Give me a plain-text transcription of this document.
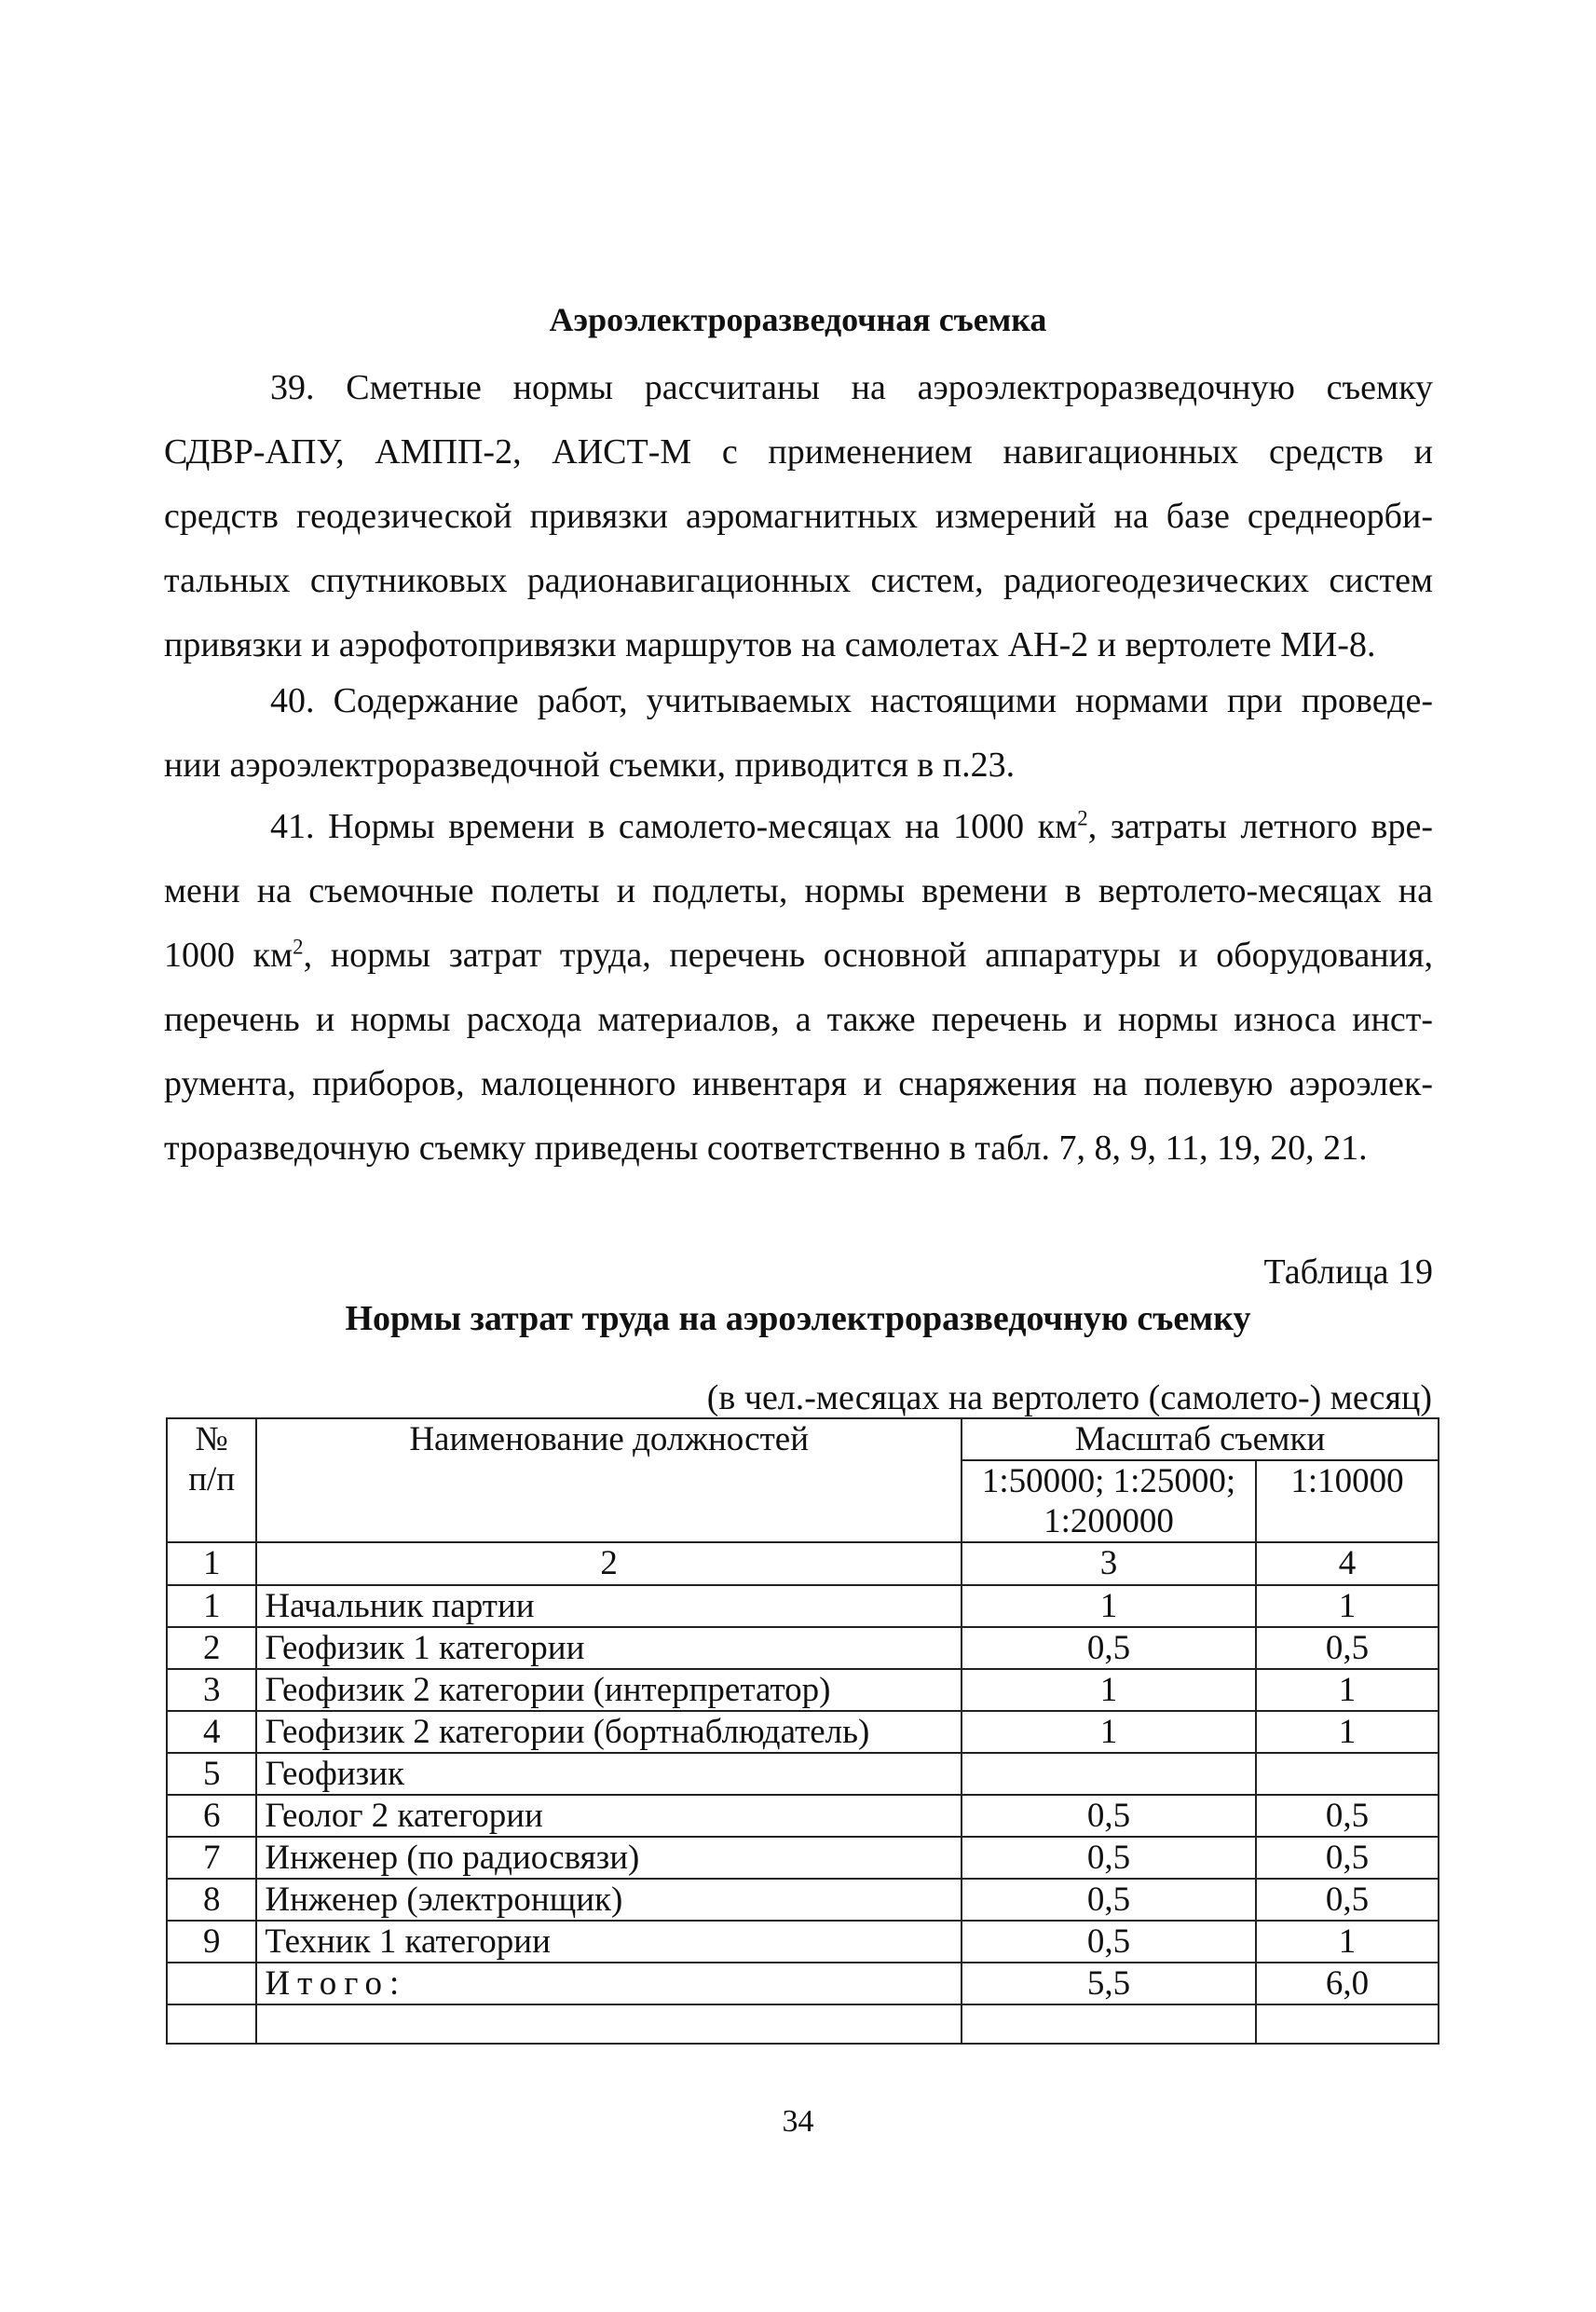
Аэроэлектроразведочная съемка
39. Сметные нормы рассчитаны на аэроэлектроразведочную съемку
СДВР-АПУ, АМПП-2, АИСТ-М с применением навигационных средств и
средств геодезической привязки аэромагнитных измерений на базе среднеорби-
тальных спутниковых радионавигационных систем, радиогеодезических систем
привязки и аэрофотопривязки маршрутов на самолетах АН-2 и вертолете МИ-8.
40. Содержание работ, учитываемых настоящими нормами при проведе-
нии аэроэлектроразведочной съемки, приводится в п.23.
41. Нормы времени в самолето-месяцах на 1000 $км^2$, затраты летного вре-
мени на съемочные полеты и подлеты, нормы времени в вертолето-месяцах на
1000 $км^2$, нормы затрат труда, перечень основной аппаратуры и оборудования,
перечень и нормы расхода материалов, а также перечень и нормы износа инст-
румента, приборов, малоценного инвентаря и снаряжения на полевую аэроэлек-
троразведочную съемку приведены соответственно в табл. 7, 8, 9, 11, 19, 20, 21.
Таблица 19
Нормы затрат труда на аэроэлектроразведочную съемку
(в чел.-месяцах на вертолето (самолето-) месяц)
№
п/п	Наименование должностей	Масштаб съемки	
		1:50000; 1:25000; 1:200000	1:10000
1	2	3	4
1	Начальник партии	1	1
2	Геофизик 1 категории	0,5	0,5
3	Геофизик 2 категории (интерпретатор)	1	1
4	Геофизик 2 категории (бортнаблюдатель)	1	1
5	Геофизик		
6	Геолог 2 категории	0,5	0,5
7	Инженер (по радиосвязи)	0,5	0,5
8	Инженер (электронщик)	0,5	0,5
9	Техник 1 категории	0,5	1
	Итого:	5,5	6,0

34
